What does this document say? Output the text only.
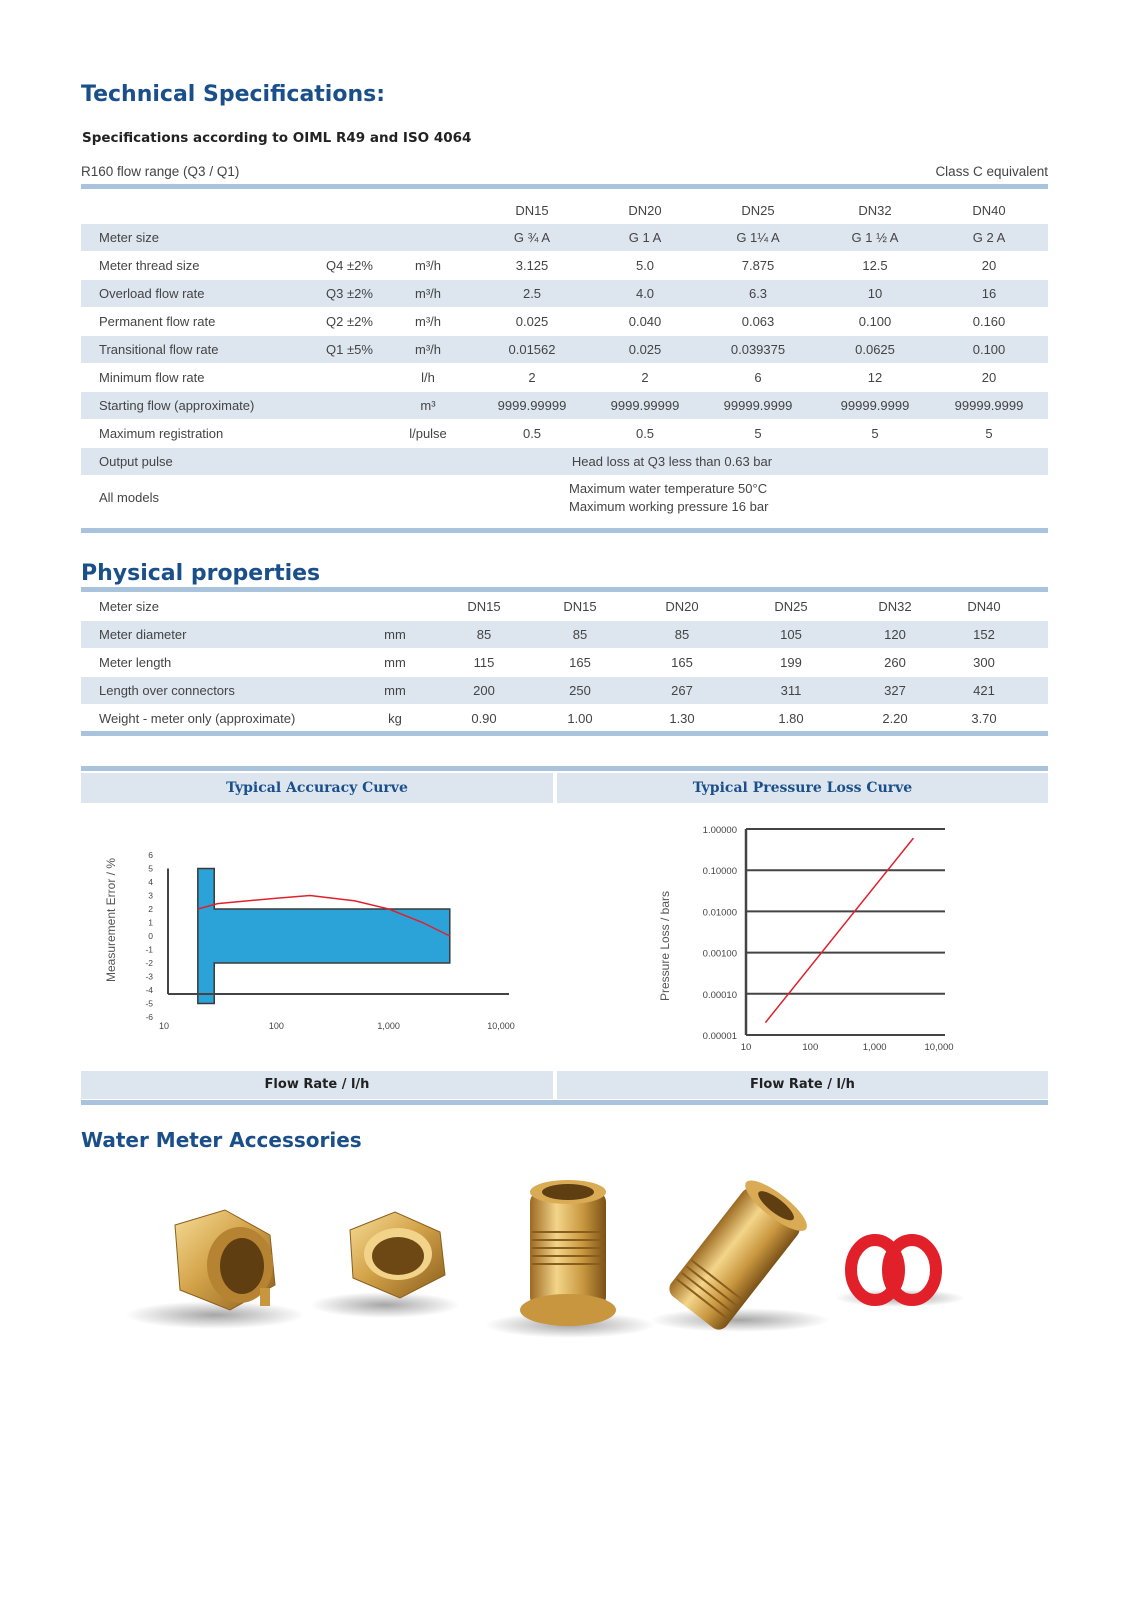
Technical Specifications:
Specifications according to OIML R49 and ISO 4064
R160 flow range (Q3 / Q1)	Class C equivalent
DN15	DN20	DN25	DN32	DN40
Meter size	G ¾ A	G 1 A	G 1¼ A	G 1 ½ A	G 2 A
Meter thread size	Q4 ±2%	m³/h	3.125	5.0	7.875	12.5	20
Overload flow rate	Q3 ±2%	m³/h	2.5	4.0	6.3	10	16
Permanent flow rate	Q2 ±2%	m³/h	0.025	0.040	0.063	0.100	0.160
Transitional flow rate	Q1 ±5%	m³/h	0.01562	0.025	0.039375	0.0625	0.100
Minimum flow rate	l/h	2	2	6	12	20
Starting flow (approximate)	m³	9999.99999	9999.99999	99999.9999	99999.9999	99999.9999
Maximum registration	l/pulse	0.5	0.5	5	5	5
Output pulse	Head loss at Q3 less than 0.63 bar
All models
Maximum water temperature 50°C
Maximum working pressure 16 bar
Physical properties
Meter size	DN15	DN15	DN20	DN25	DN32	DN40
Meter diameter	mm	85	85	85	105	120	152
Meter length	mm	115	165	165	199	260	300
Length over connectors	mm	200	250	267	311	327	421
Weight - meter only (approximate)	kg	0.90	1.00	1.30	1.80	2.20	3.70
Typical Accuracy Curve	Typical Pressure Loss Curve
Measurement Error / %
6
5
4
3
2
1
0
-1
-2
-3
-4
-5
-6
10	100	1,000	10,000
Pressure Loss / bars
1.00000
0.10000
0.01000
0.00100
0.00010
0.00001
10	100	1,000	10,000
Flow Rate / l/h	Flow Rate / l/h
Water Meter Accessories
